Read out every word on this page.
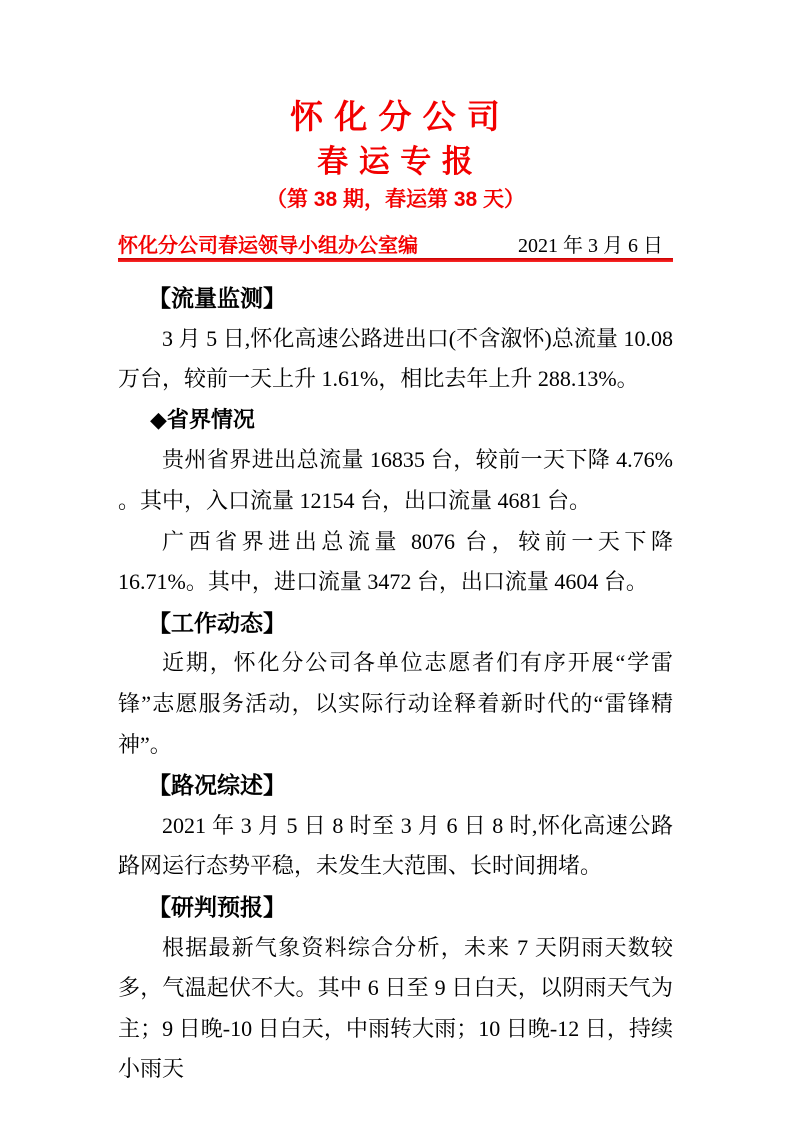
怀 化 分 公 司
春 运 专 报
（第 38 期，春运第 38 天）
怀化分公司春运领导小组办公室编	2021 年 3 月 6 日
【流量监测】
3 月 5 日,怀化高速公路进出口(不含溆怀)总流量 10.08 万台，较前一天上升 1.61%，相比去年上升 288.13%。
◆省界情况
贵州省界进出总流量 16835 台，较前一天下降 4.76% 。其中，入口流量 12154 台，出口流量 4681 台。
广西省界进出总流量 8076 台，较前一天下降 16.71%。其中，进口流量 3472 台，出口流量 4604 台。
【工作动态】
近期，怀化分公司各单位志愿者们有序开展“学雷锋”志愿服务活动，以实际行动诠释着新时代的“雷锋精神”。
【路况综述】
2021 年 3 月 5 日 8 时至 3 月 6 日 8 时,怀化高速公路路网运行态势平稳，未发生大范围、长时间拥堵。
【研判预报】
根据最新气象资料综合分析，未来 7 天阴雨天数较多，气温起伏不大。其中 6 日至 9 日白天，以阴雨天气为主；9 日晚-10 日白天，中雨转大雨；10 日晚-12 日，持续小雨天
